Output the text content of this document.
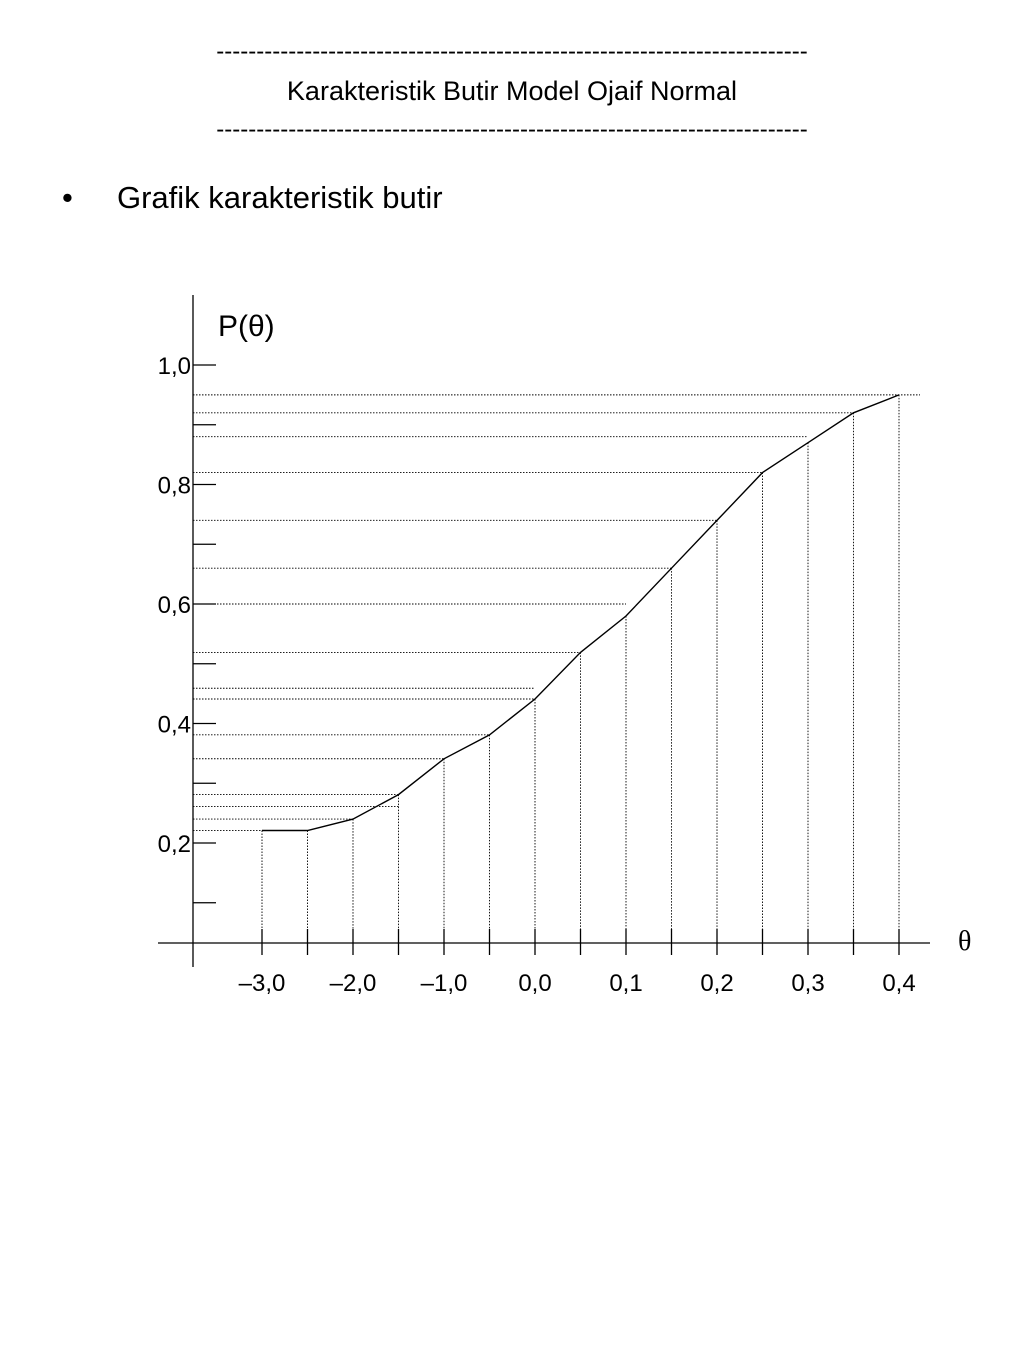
--------------------------------------------------------------------------
Karakteristik Butir Model Ojaif Normal
--------------------------------------------------------------------------
• Grafik karakteristik butir
0,2
0,4
0,6
0,8
1,0
–3,0 –2,0 –1,0 0,0 0,1 0,2 0,3 0,4
P(θ)
θ
